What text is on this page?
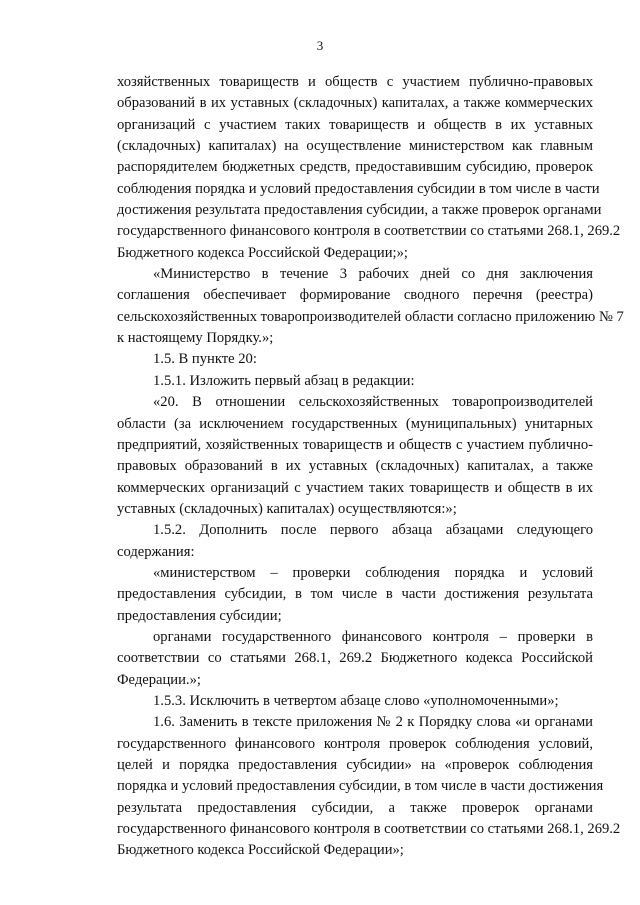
3
хозяйственных товариществ и обществ с участием публично-правовых
образований в их уставных (складочных) капиталах, а также коммерческих
организаций с участием таких товариществ и обществ в их уставных
(складочных) капиталах) на осуществление министерством как главным
распорядителем бюджетных средств, предоставившим субсидию, проверок
соблюдения порядка и условий предоставления субсидии в том числе в части
достижения результата предоставления субсидии, а также проверок органами
государственного финансового контроля в соответствии со статьями 268.1, 269.2
Бюджетного кодекса Российской Федерации;»;
«Министерство в течение 3 рабочих дней со дня заключения
соглашения обеспечивает формирование сводного перечня (реестра)
сельскохозяйственных товаропроизводителей области согласно приложению № 7
к настоящему Порядку.»;
1.5. В пункте 20:
1.5.1. Изложить первый абзац в редакции:
«20. В отношении сельскохозяйственных товаропроизводителей
области (за исключением государственных (муниципальных) унитарных
предприятий, хозяйственных товариществ и обществ с участием публично-
правовых образований в их уставных (складочных) капиталах, а также
коммерческих организаций с участием таких товариществ и обществ в их
уставных (складочных) капиталах) осуществляются:»;
1.5.2. Дополнить после первого абзаца абзацами следующего
содержания:
«министерством – проверки соблюдения порядка и условий
предоставления субсидии, в том числе в части достижения результата
предоставления субсидии;
органами государственного финансового контроля – проверки в
соответствии со статьями 268.1, 269.2 Бюджетного кодекса Российской
Федерации.»;
1.5.3. Исключить в четвертом абзаце слово «уполномоченными»;
1.6. Заменить в тексте приложения № 2 к Порядку слова «и органами
государственного финансового контроля проверок соблюдения условий,
целей и порядка предоставления субсидии» на «проверок соблюдения
порядка и условий предоставления субсидии, в том числе в части достижения
результата предоставления субсидии, а также проверок органами
государственного финансового контроля в соответствии со статьями 268.1, 269.2
Бюджетного кодекса Российской Федерации»;
